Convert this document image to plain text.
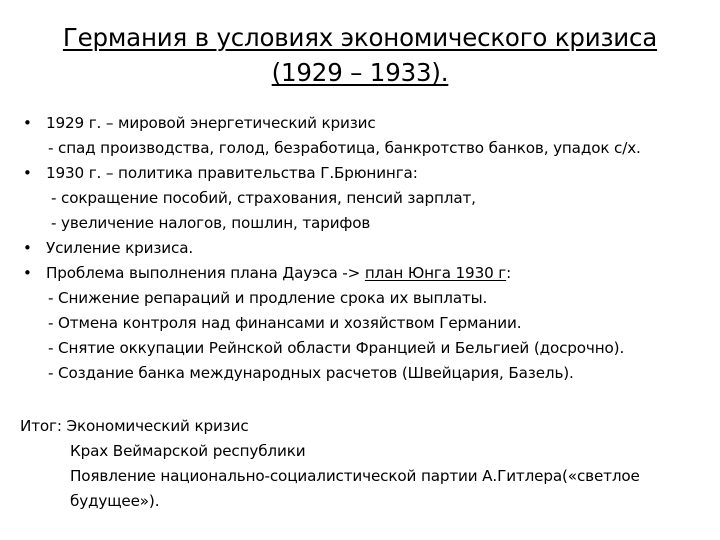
Германия в условиях экономического кризиса
(1929 – 1933).
• 1929 г. – мировой энергетический кризис
- спад производства, голод, безработица, банкротство банков, упадок с/х.
• 1930 г. – политика правительства Г.Брюнинга:
- сокращение пособий, страхования, пенсий зарплат,
- увеличение налогов, пошлин, тарифов
• Усиление кризиса.
• Проблема выполнения плана Дауэса -> план Юнга 1930 г:
- Снижение репараций и продление срока их выплаты.
- Отмена контроля над финансами и хозяйством Германии.
- Снятие оккупации Рейнской области Францией и Бельгией (досрочно).
- Создание банка международных расчетов (Швейцария, Базель).
Итог: Экономический кризис
Крах Веймарской республики
Появление национально-социалистической партии А.Гитлера(«светлое
будущее»).
